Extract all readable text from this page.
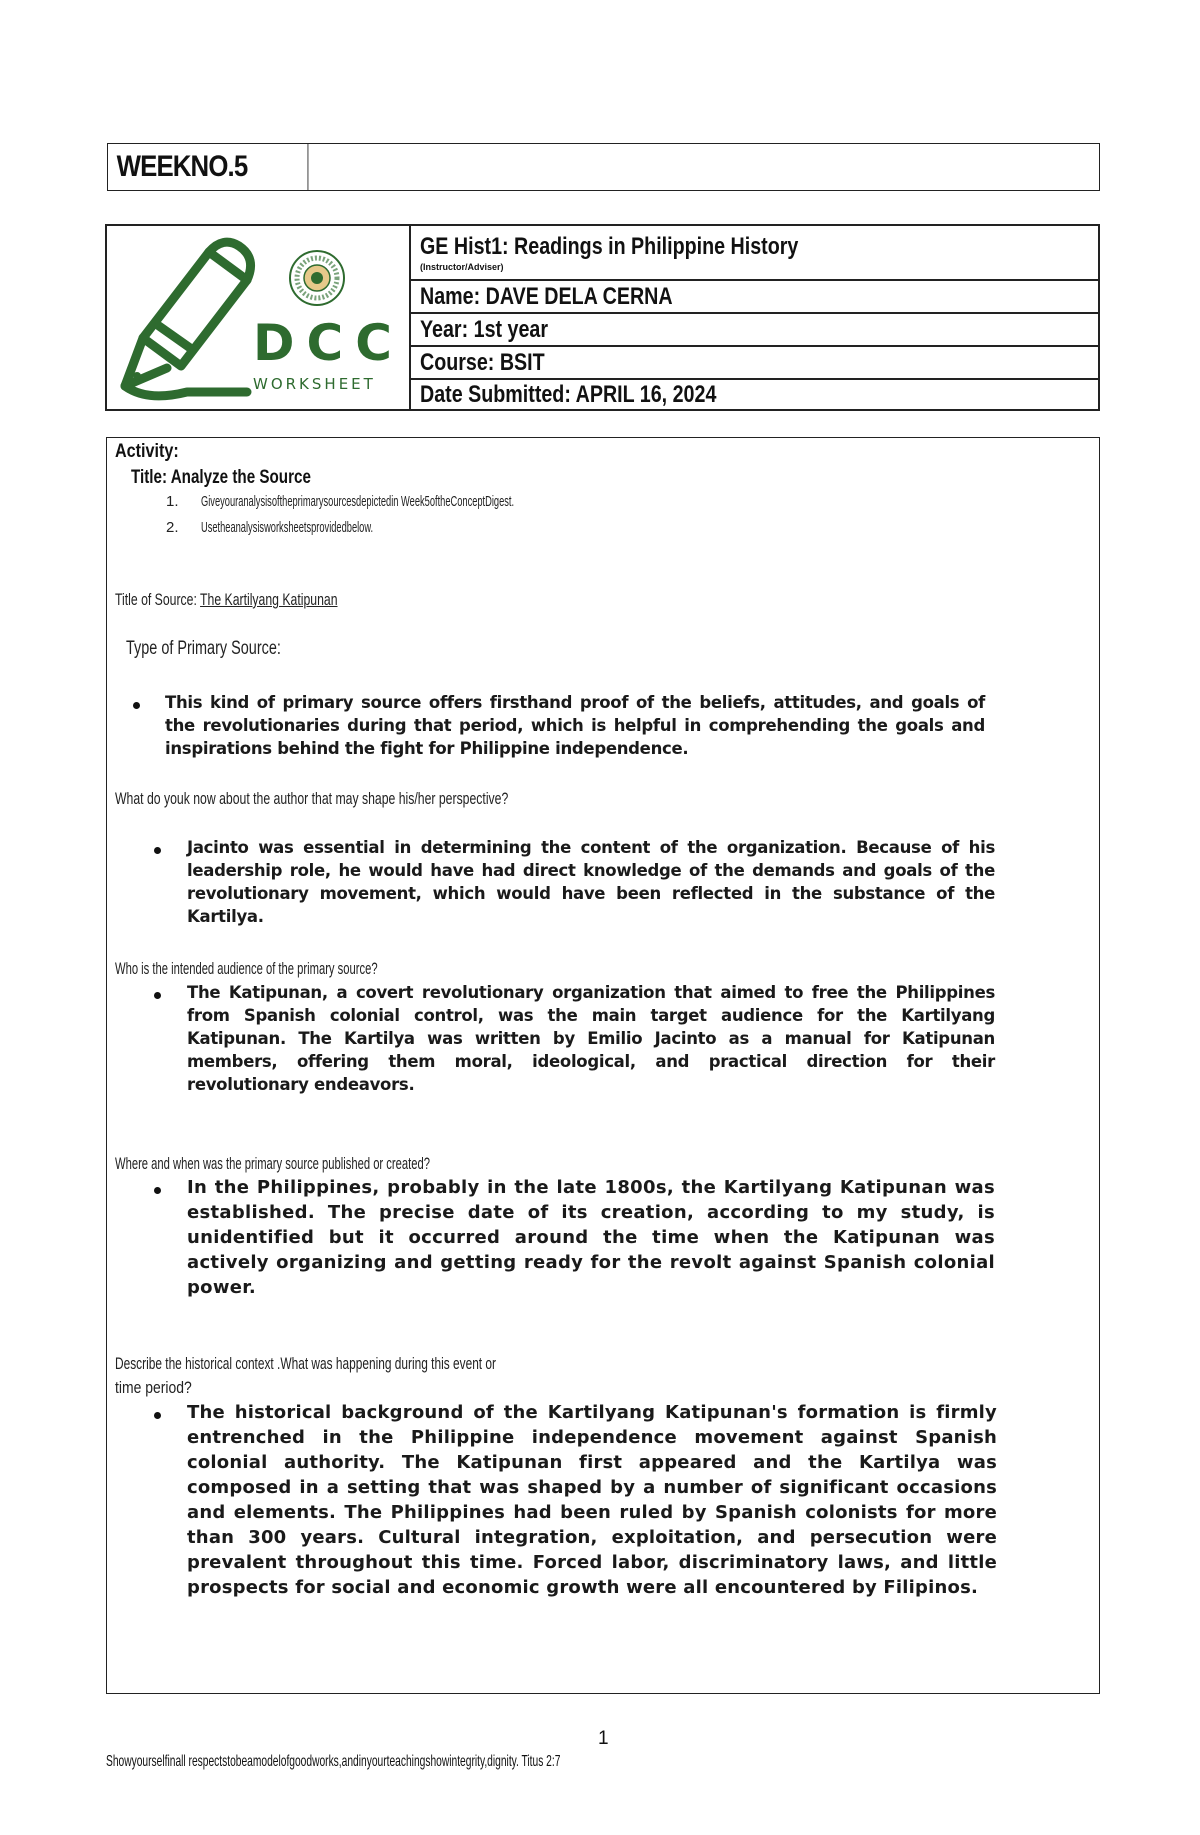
WEEKNO.5
DCC
WORKSHEET
GE Hist1: Readings in Philippine History
(Instructor/Adviser)
Name: DAVE DELA CERNA
Year: 1st year
Course: BSIT
Date Submitted: APRIL 16, 2024
Activity:
Title: Analyze the Source
1. Giveyouranalysisoftheprimarysourcesdepictedin Week5oftheConceptDigest.
2. Usetheanalysisworksheetsprovidedbelow.
Title of Source: The Kartilyang Katipunan
Type of Primary Source:
This kind of primary source offers firsthand proof of the beliefs, attitudes, and goals of the revolutionaries during that period, which is helpful in comprehending the goals and inspirations behind the fight for Philippine independence.
What do youk now about the author that may shape his/her perspective?
Jacinto was essential in determining the content of the organization. Because of his leadership role, he would have had direct knowledge of the demands and goals of the revolutionary movement, which would have been reflected in the substance of the Kartilya.
Who is the intended audience of the primary source?
The Katipunan, a covert revolutionary organization that aimed to free the Philippines from Spanish colonial control, was the main target audience for the Kartilyang Katipunan. The Kartilya was written by Emilio Jacinto as a manual for Katipunan members, offering them moral, ideological, and practical direction for their revolutionary endeavors.
Where and when was the primary source published or created?
In the Philippines, probably in the late 1800s, the Kartilyang Katipunan was established. The precise date of its creation, according to my study, is unidentified but it occurred around the time when the Katipunan was actively organizing and getting ready for the revolt against Spanish colonial power.
Describe the historical context .What was happening during this event or
time period?
The historical background of the Kartilyang Katipunan's formation is firmly entrenched in the Philippine independence movement against Spanish colonial authority. The Katipunan first appeared and the Kartilya was composed in a setting that was shaped by a number of significant occasions and elements. The Philippines had been ruled by Spanish colonists for more than 300 years. Cultural integration, exploitation, and persecution were prevalent throughout this time. Forced labor, discriminatory laws, and little prospects for social and economic growth were all encountered by Filipinos.
1
Showyourselfinall respectstobeamodelofgoodworks,andinyourteachingshowintegrity,dignity. Titus 2:7
